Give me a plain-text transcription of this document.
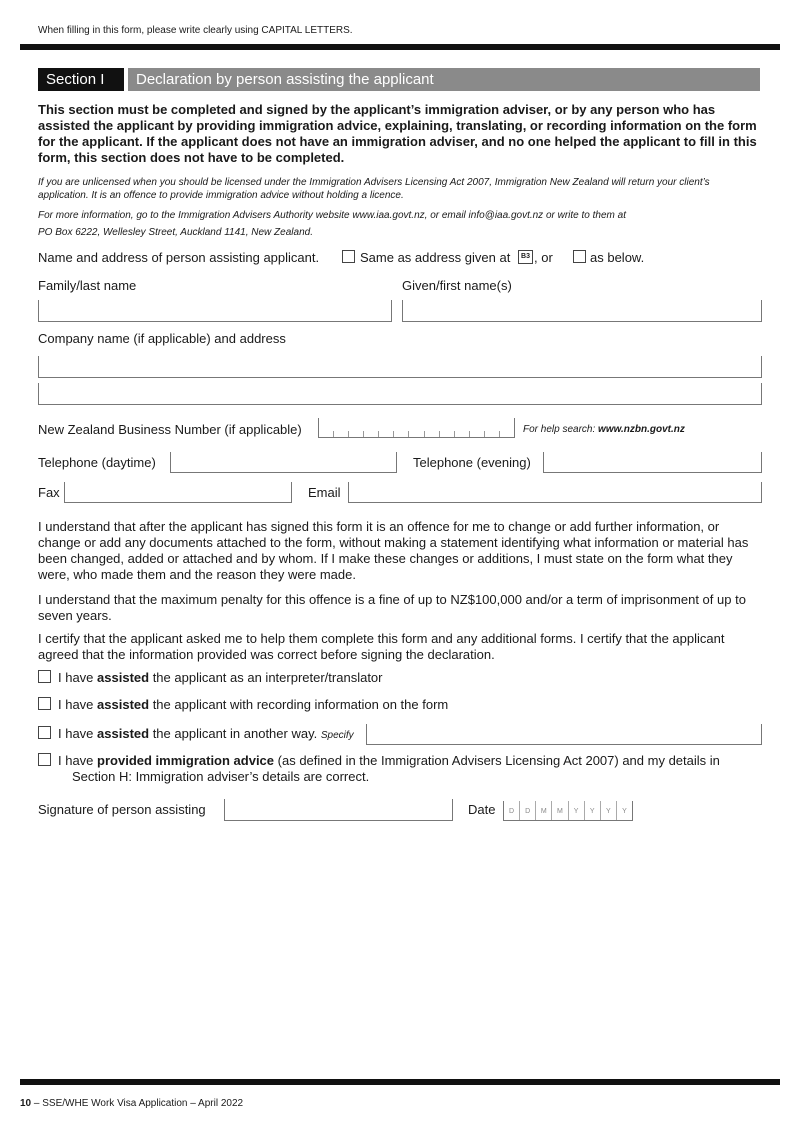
When filling in this form, please write clearly using CAPITAL LETTERS.
Section I	Declaration by person assisting the applicant
This section must be completed and signed by the applicant’s immigration adviser, or by any person who has assisted the applicant by providing immigration advice, explaining, translating, or recording information on the form for the applicant. If the applicant does not have an immigration adviser, and no one helped the applicant to fill in this form, this section does not have to be completed.
If you are unlicensed when you should be licensed under the Immigration Advisers Licensing Act 2007, Immigration New Zealand will return your client’s application. It is an offence to provide immigration advice without holding a licence.
For more information, go to the Immigration Advisers Authority website www.iaa.govt.nz, or email info@iaa.govt.nz or write to them at
PO Box 6222, Wellesley Street, Auckland 1141, New Zealand.
Name and address of person assisting applicant.	Same as address given at	B3 , or	as below.
Family/last name	Given/first name(s)
Company name (if applicable) and address
New Zealand Business Number (if applicable)	For help search: www.nzbn.govt.nz
Telephone (daytime)	Telephone (evening)
Fax	Email
I understand that after the applicant has signed this form it is an offence for me to change or add further information, or change or add any documents attached to the form, without making a statement identifying what information or material has been changed, added or attached and by whom. If I make these changes or additions, I must state on the form what they were, who made them and the reason they were made.
I understand that the maximum penalty for this offence is a fine of up to NZ$100,000 and/or a term of imprisonment of up to seven years.
I certify that the applicant asked me to help them complete this form and any additional forms. I certify that the applicant agreed that the information provided was correct before signing the declaration.
I have assisted the applicant as an interpreter/translator
I have assisted the applicant with recording information on the form
I have assisted the applicant in another way. Specify
I have provided immigration advice (as defined in the Immigration Advisers Licensing Act 2007) and my details in
Section H: Immigration adviser’s details are correct.
Signature of person assisting	Date	D	D	M	M	Y	Y	Y	Y
10 – SSE/WHE Work Visa Application – April 2022
